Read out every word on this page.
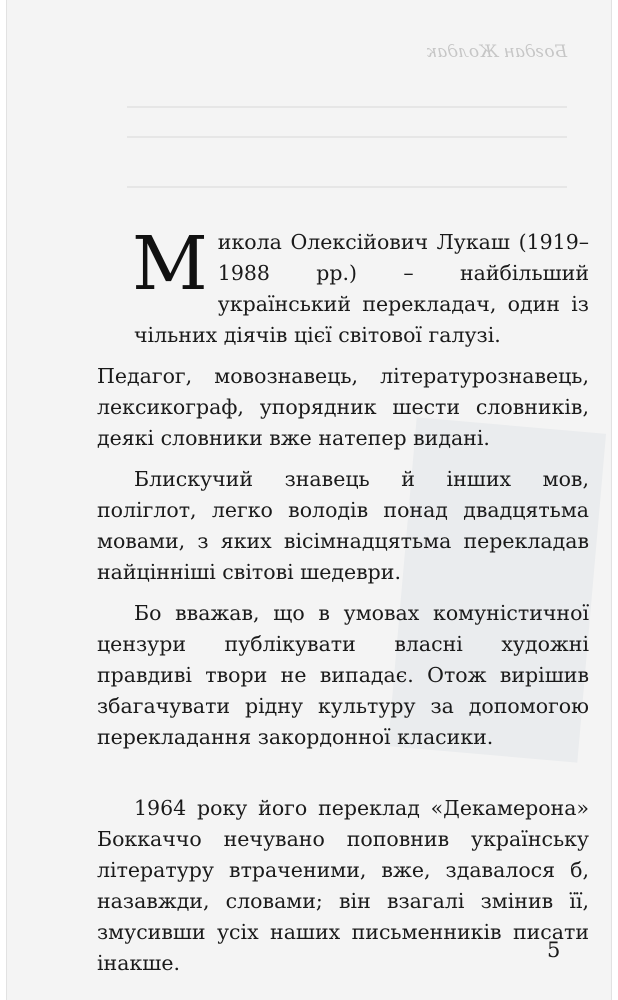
Богдан Жолдак

Микола Олексійович Лукаш (1919–1988 рр.) – найбільший український перекладач, один із чільних діячів цієї світової галузі.

Педагог, мовознавець, літературознавець, лексикограф, упорядник шести словників, деякі словники вже натепер видані.

Блискучий знавець й інших мов, поліглот, легко володів понад двадцятьма мовами, з яких вісімнадцятьма перекладав найцінніші світові шедеври.

Бо вважав, що в умовах комуністичної цензури публікувати власні художні правдиві твори не випадає. Отож вирішив збагачувати рідну культуру за допомогою перекладання закордонної класики.

1964 року його переклад «Декамерона» Боккаччо нечувано поповнив українську літературу втраченими, вже, здавалося б, назавжди, словами; він взагалі змінив її, змусивши усіх наших письменників писати інакше.

5
